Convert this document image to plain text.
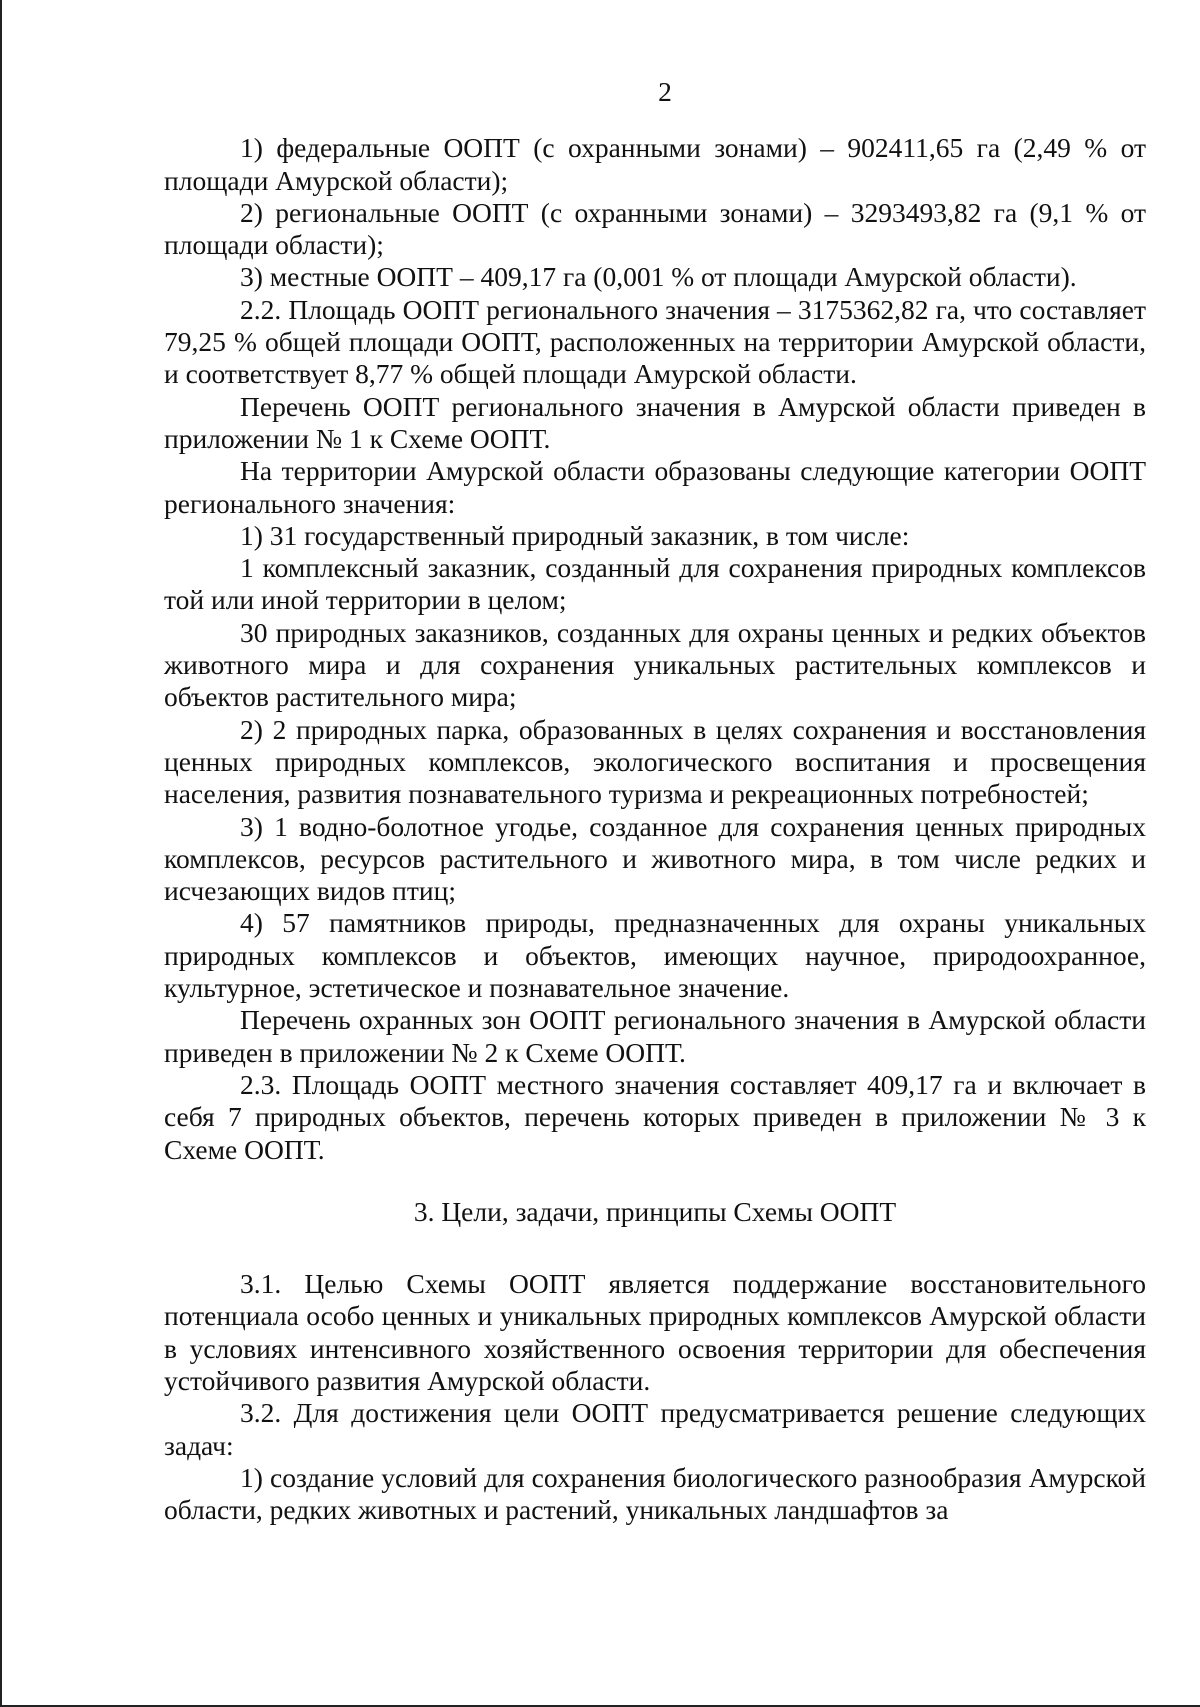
2

1) федеральные ООПТ (с охранными зонами) – 902411,65 га (2,49 % от площади Амурской области);

2) региональные ООПТ (с охранными зонами) – 3293493,82 га (9,1 % от площади области);

3) местные ООПТ – 409,17 га (0,001 % от площади Амурской области).

2.2. Площадь ООПТ регионального значения – 3175362,82 га, что составляет 79,25 % общей площади ООПТ, расположенных на территории Амурской области, и соответствует 8,77 % общей площади Амурской области.

Перечень ООПТ регионального значения в Амурской области приведен в приложении № 1 к Схеме ООПТ.

На территории Амурской области образованы следующие категории ООПТ регионального значения:

1) 31 государственный природный заказник, в том числе:

1 комплексный заказник, созданный для сохранения природных комплексов той или иной территории в целом;

30 природных заказников, созданных для охраны ценных и редких объектов животного мира и для сохранения уникальных растительных комплексов и объектов растительного мира;

2) 2 природных парка, образованных в целях сохранения и восстановления ценных природных комплексов, экологического воспитания и просвещения населения, развития познавательного туризма и рекреационных потребностей;

3) 1 водно-болотное угодье, созданное для сохранения ценных природных комплексов, ресурсов растительного и животного мира, в том числе редких и исчезающих видов птиц;

4) 57 памятников природы, предназначенных для охраны уникальных природных комплексов и объектов, имеющих научное, природоохранное, культурное, эстетическое и познавательное значение.

Перечень охранных зон ООПТ регионального значения в Амурской области приведен в приложении № 2 к Схеме ООПТ.

2.3. Площадь ООПТ местного значения составляет 409,17 га и включает в себя 7 природных объектов, перечень которых приведен в приложении № 3 к Схеме ООПТ.

3. Цели, задачи, принципы Схемы ООПТ

3.1. Целью Схемы ООПТ является поддержание восстановительного потенциала особо ценных и уникальных природных комплексов Амурской области в условиях интенсивного хозяйственного освоения территории для обеспечения устойчивого развития Амурской области.

3.2. Для достижения цели ООПТ предусматривается решение следующих задач:

1) создание условий для сохранения биологического разнообразия Амурской области, редких животных и растений, уникальных ландшафтов за
